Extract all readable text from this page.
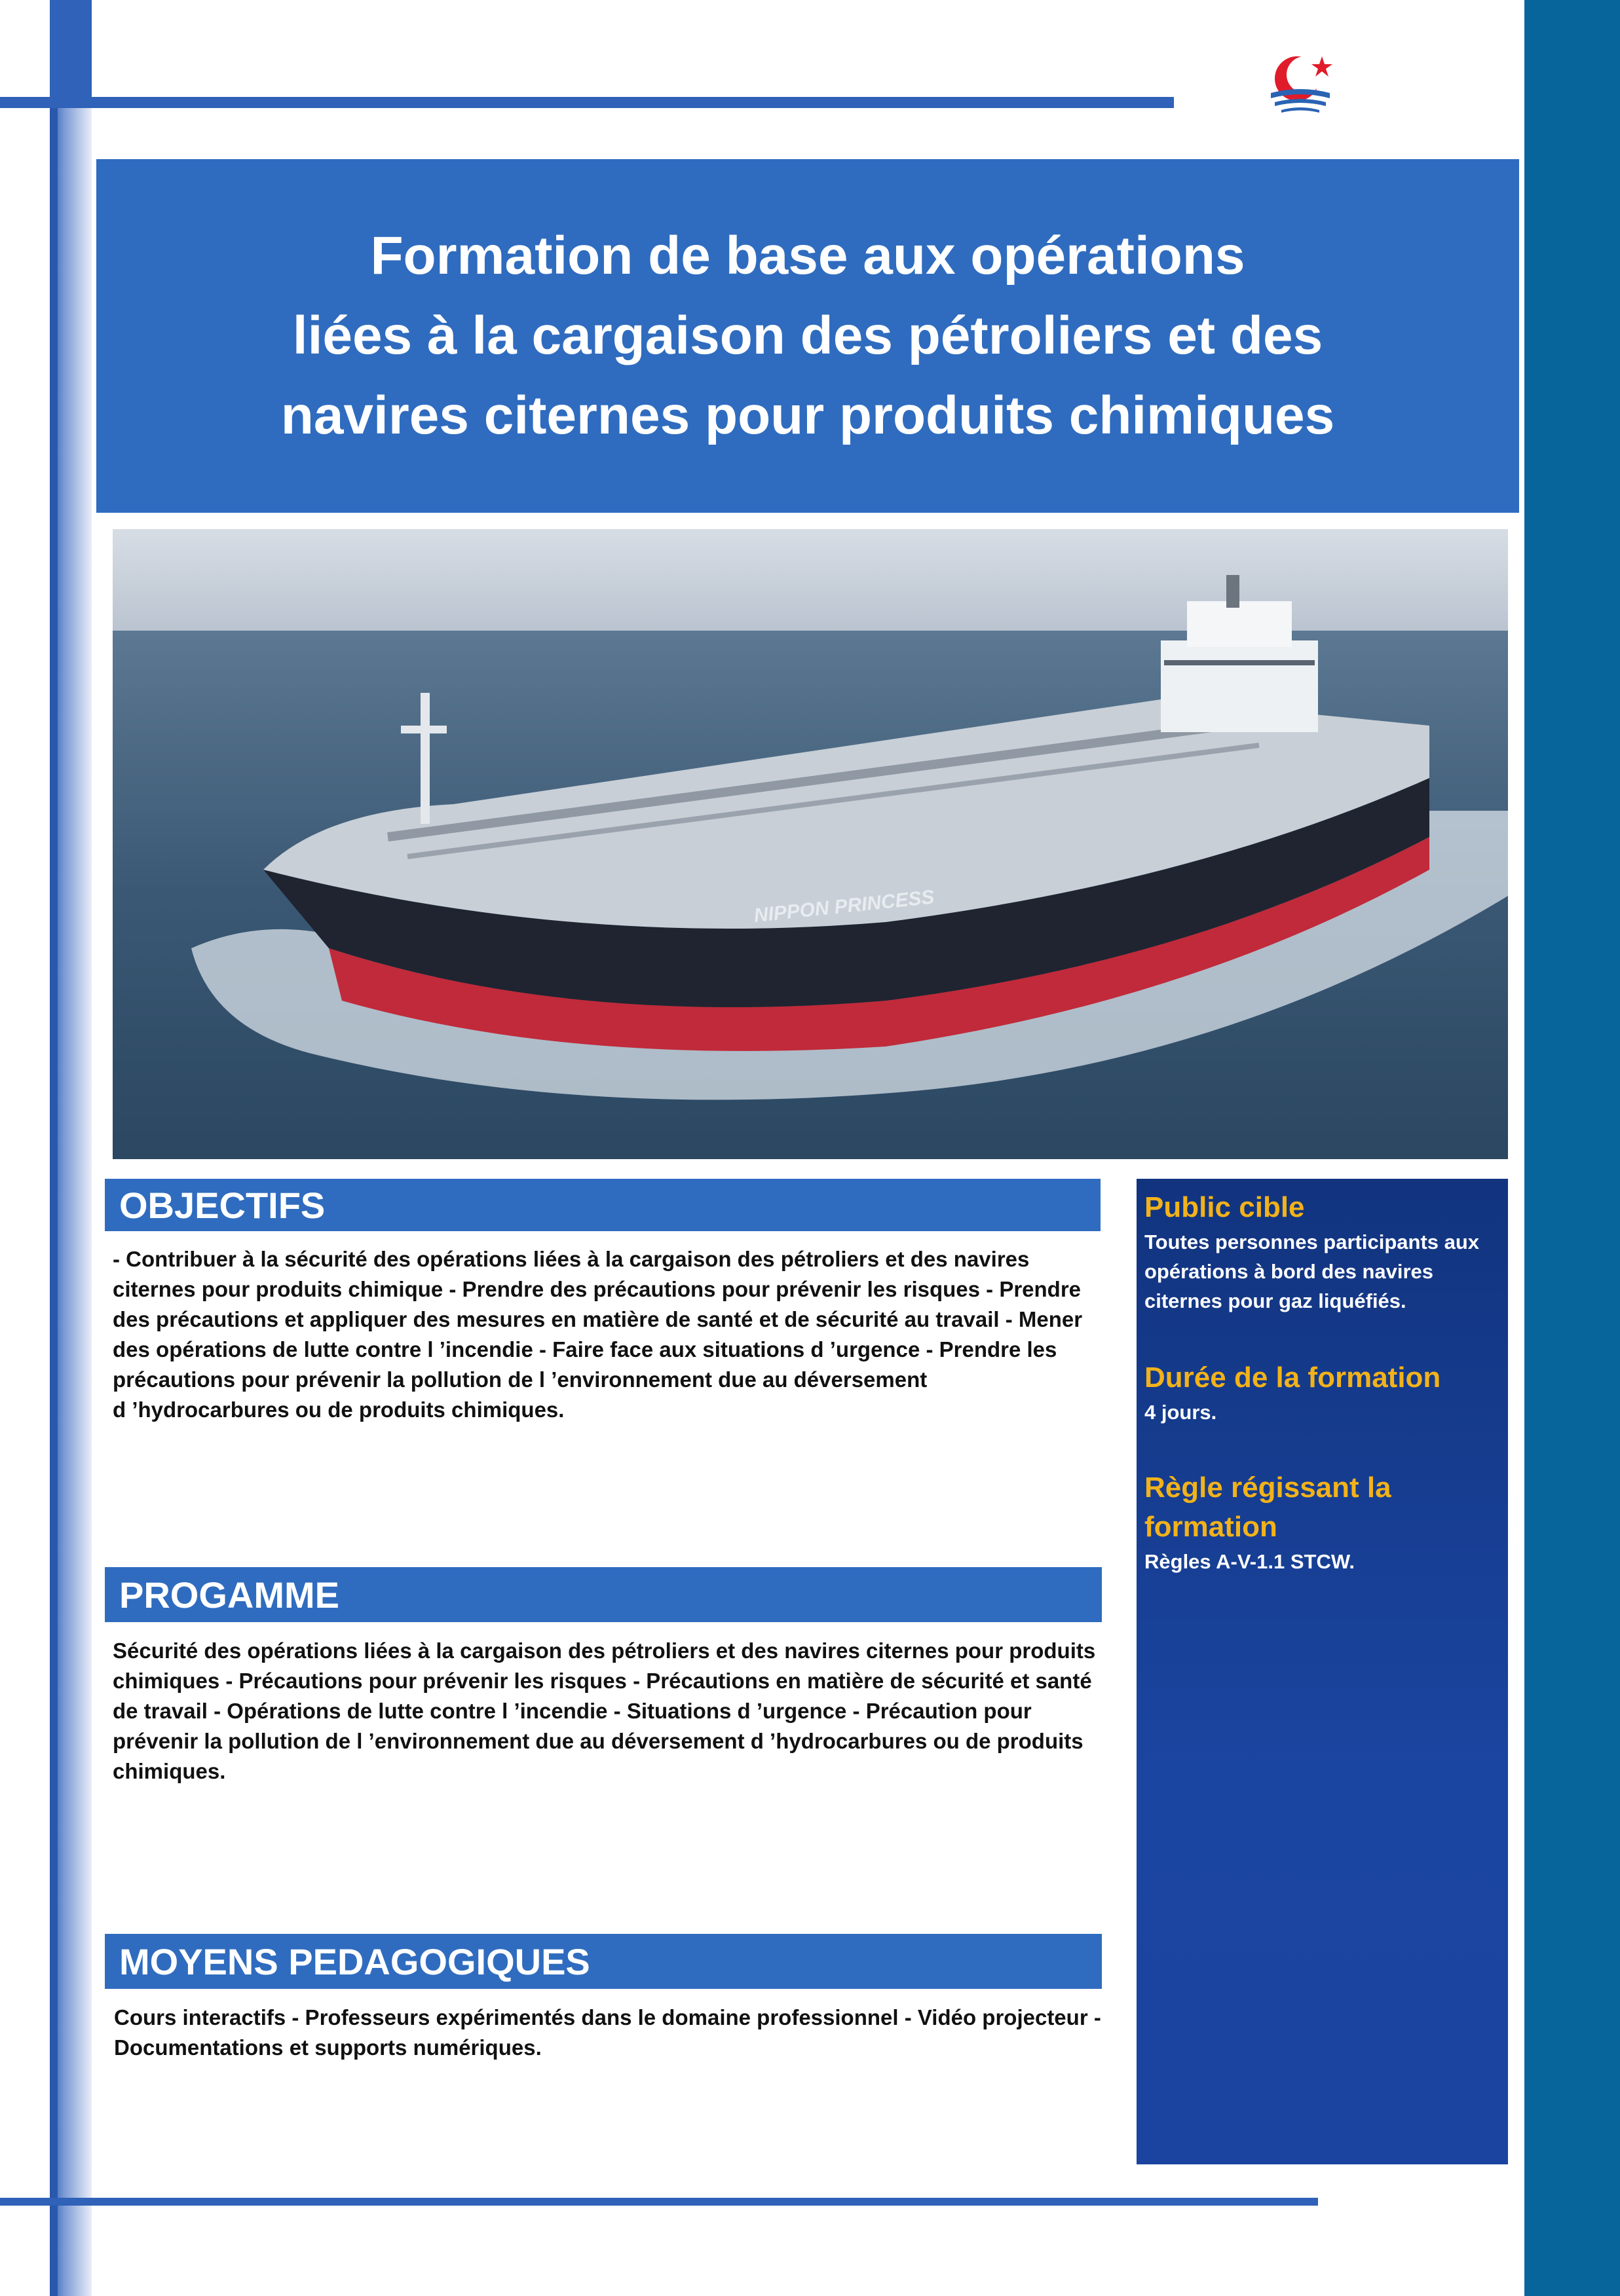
Formation de base aux opérations
liées à la cargaison des pétroliers et des
navires citernes pour produits chimiques
NIPPON PRINCESS
OBJECTIFS
- Contribuer à la sécurité des opérations liées à la cargaison des pétroliers et des navires
citernes pour produits chimique - Prendre des précautions pour prévenir les risques - Prendre
des précautions et appliquer des mesures en matière de santé et de sécurité au travail - Mener
des opérations de lutte contre l ’incendie - Faire face aux situations d ’urgence - Prendre les
précautions pour prévenir la pollution de l ’environnement due au déversement
d ’hydrocarbures ou de produits chimiques.
PROGAMME
Sécurité des opérations liées à la cargaison des pétroliers et des navires citernes pour produits
chimiques - Précautions pour prévenir les risques - Précautions en matière de sécurité et santé
de travail - Opérations de lutte contre l ’incendie - Situations d ’urgence - Précaution pour
prévenir la pollution de l ’environnement due au déversement d ’hydrocarbures ou de produits
chimiques.
MOYENS PEDAGOGIQUES
Cours interactifs - Professeurs expérimentés dans le domaine professionnel - Vidéo projecteur -
Documentations et supports numériques.
Public cible
Toutes personnes participants aux
opérations à bord des navires
citernes pour gaz liquéfiés.
Durée de la formation
4 jours.
Règle régissant la
formation
Règles A-V-1.1 STCW.
